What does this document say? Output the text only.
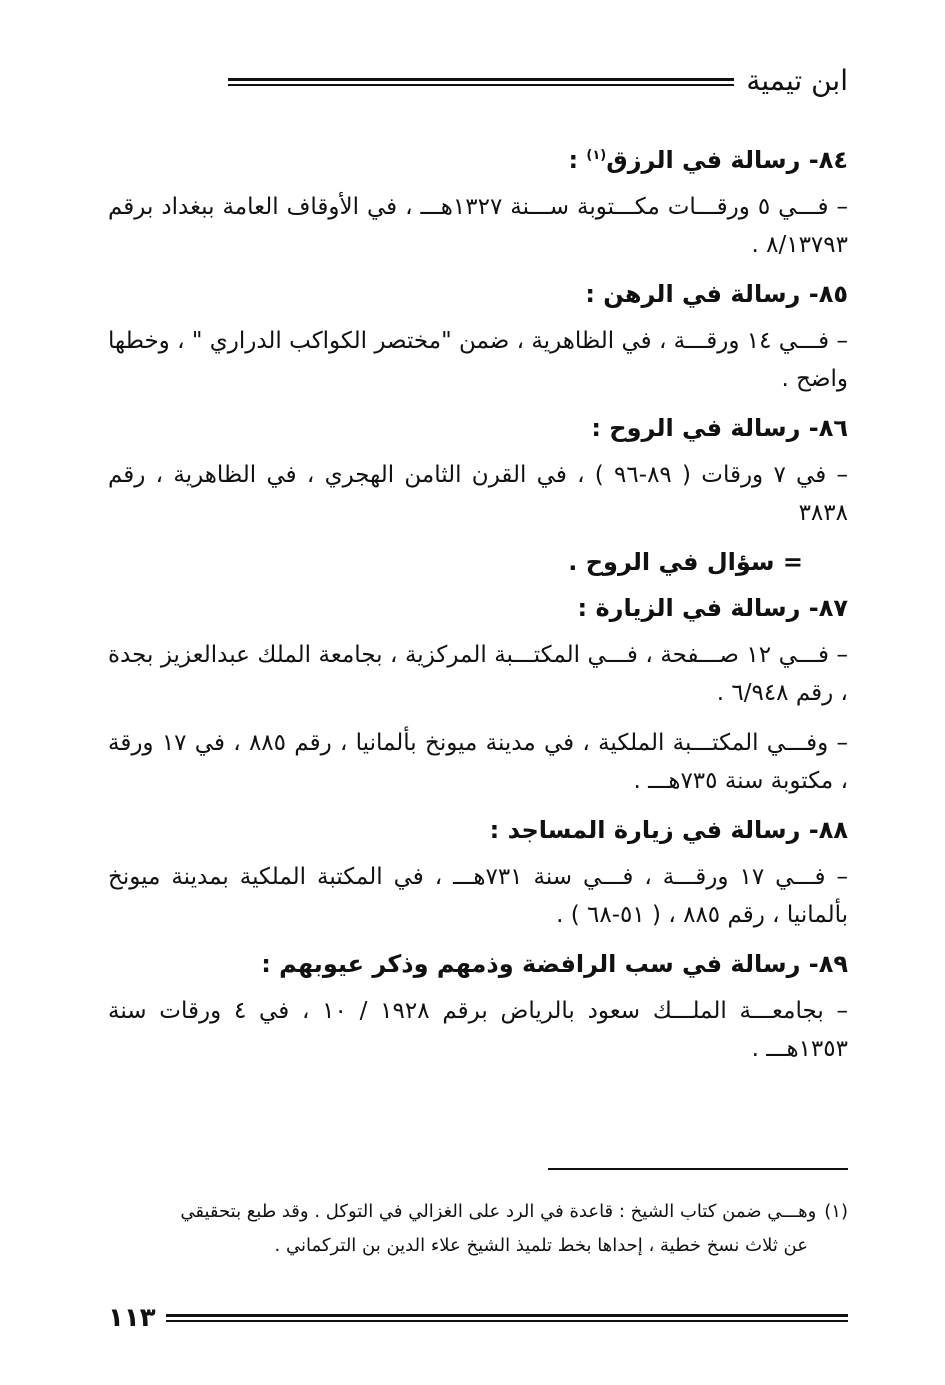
ابن تيمية

٨٤- رسالة في الرزق$^{(١)}$ :

– فـــي ٥ ورقـــات مكـــتوبة ســـنة ١٣٢٧هـــ ، في الأوقاف العامة ببغداد برقم ٨/١٣٧٩٣ .

٨٥- رسالة في الرهن :

– فـــي ١٤ ورقـــة ، في الظاهرية ، ضمن "مختصر الكواكب الدراري " ، وخطها واضح .

٨٦- رسالة في الروح :

– في ٧ ورقات ( ٨٩-٩٦ ) ، في القرن الثامن الهجري ، في الظاهرية ، رقم ٣٨٣٨

= سؤال في الروح .

٨٧- رسالة في الزيارة :

– فـــي ١٢ صـــفحة ، فـــي المكتـــبة المركزية ، بجامعة الملك عبدالعزيز بجدة ، رقم ٦/٩٤٨ .

– وفـــي المكتـــبة الملكية ، في مدينة ميونخ بألمانيا ، رقم ٨٨٥ ، في ١٧ ورقة ، مكتوبة سنة ٧٣٥هـــ .

٨٨- رسالة في زيارة المساجد :

– فـــي ١٧ ورقـــة ، فـــي سنة ٧٣١هـــ ، في المكتبة الملكية بمدينة ميونخ بألمانيا ، رقم ٨٨٥ ، ( ٥١-٦٨ ) .

٨٩- رسالة في سب الرافضة وذمهم وذكر عيوبهم :

– بجامعـــة الملـــك سعود بالرياض برقم ١٩٢٨ / ١٠ ، في ٤ ورقات سنة ١٣٥٣هـــ .

(١)وهـــي ضمن كتاب الشيخ : قاعدة في الرد على الغزالي في التوكل . وقد طبع بتحقيقي
عن ثلاث نسخ خطية ، إحداها بخط تلميذ الشيخ علاء الدين بن التركماني .
١١٣
